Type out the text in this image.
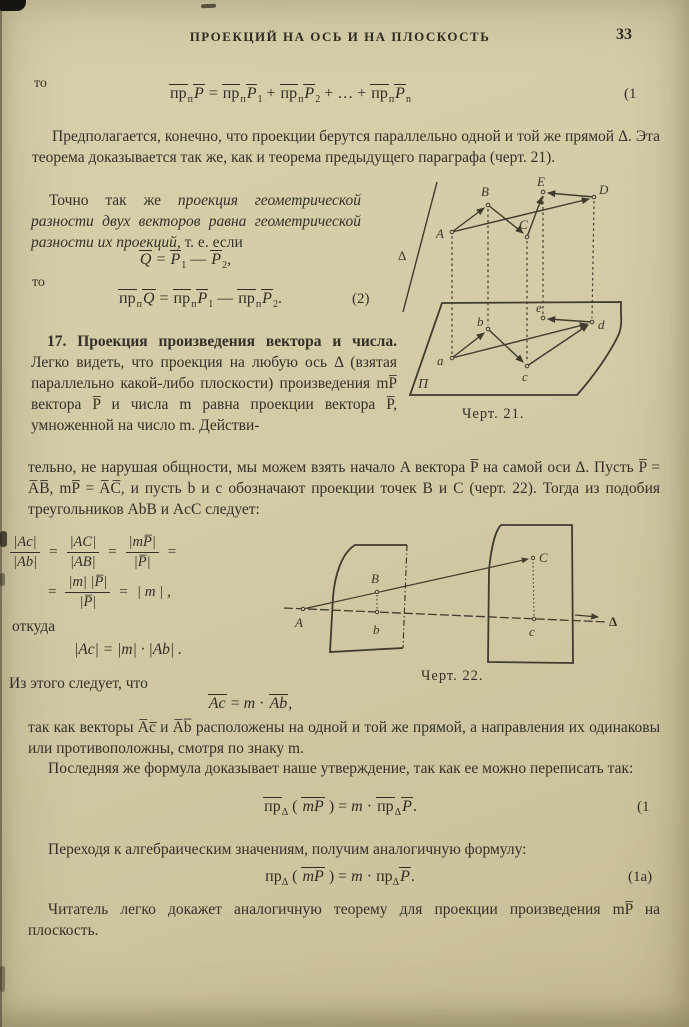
ПРОЕКЦИЙ НА ОСЬ И НА ПЛОСКОСТЬ	33
то
$пр_пP = пр_пP_1 + пр_пP_2$ + … + $пр_пP_n$	(1
Предполагается, конечно, что проекции берутся параллельно одной и той же прямой Δ. Эта теорема доказывается так же, как и теорема предыдущего параграфа (черт. 21).
Точно так же проекция геометрической разности двух векторов равна геометрической разности их проекций, т. е. если
$Q = P_1$ — $P_2$,
то
$пр_пQ = пр_пP_1$ — $пр_пP_2$.	(2)
17. Проекция произведения вектора и числа. Легко видеть, что проекция на любую ось Δ (взятая параллельно какой-либо плоскости) произведения mP̅ вектора P̅ и числа m равна проекции вектора P̅, умноженной на число m. Действи-
тельно, не нарушая общности, мы можем взять начало A вектора P̅ на самой оси Δ. Пусть P̅ = A̅B̅, mP̅ = A̅C̅, и пусть b и c обозначают проекции точек B и C (черт. 22). Тогда из подобия треугольников AbB и AcC следует:
$\frac{|Ac|}{|Ab|} = \frac{|AC|}{|AB|} = \frac{|mP̅|}{|P̅|}$ =
= $\frac{|m| |P̅|}{|P̅|}$ = | m | ,
откуда
|Ac| = |m| · |Ab| .
Из этого следует, что
Ac = m · Ab,
так как векторы A̅c̅ и A̅b̅ расположены на одной и той же прямой, а направления их одинаковы или противоположны, смотря по знаку m.
Последняя же формула доказывает наше утверждение, так как ее можно переписать так:
$пр_\Delta$ ( mP ) = $m \cdot пр_\Delta P$.	(1
Переходя к алгебраическим значениям, получим аналогичную формулу:
$пр_\Delta$ ( mP ) = $m \cdot пр_\Delta P$.	(1a)
Читатель легко докажет аналогичную теорему для проекции произведения mP̅ на плоскость.
Δ
A
B
C
E
D
П
a
b
c
e
d
Черт. 21.
A
B
b
C
c
Δ
Черт. 22.
